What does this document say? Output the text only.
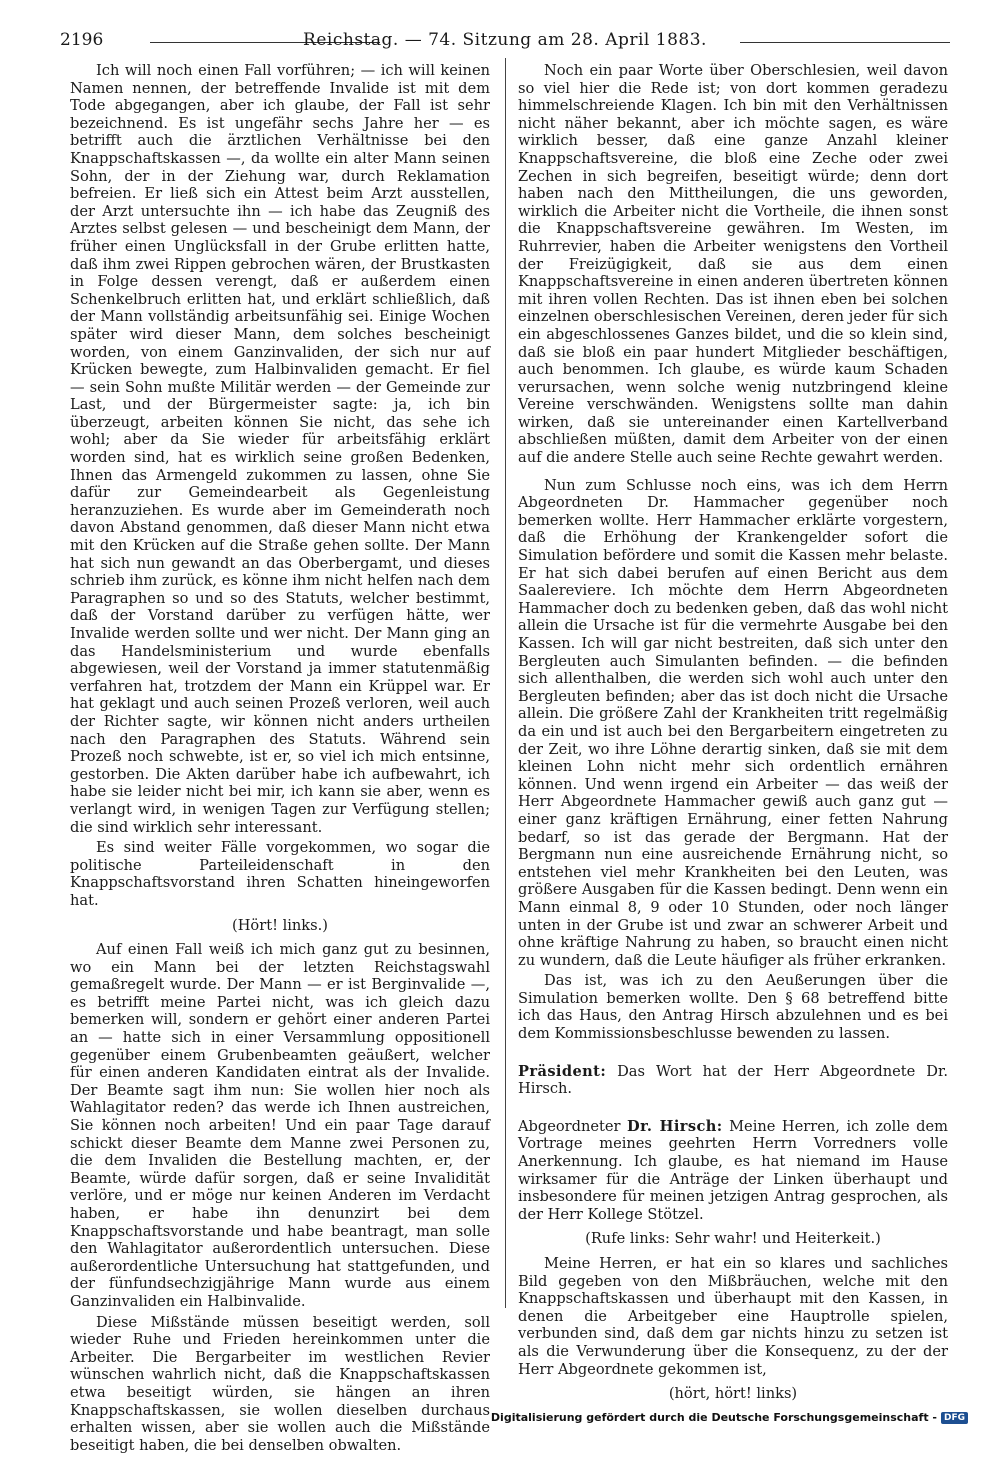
2196	Reichstag. — 74. Sitzung am 28. April 1883.

Ich will noch einen Fall vorführen; — ich will keinen Namen nennen, der betreffende Invalide ist mit dem Tode abgegangen, aber ich glaube, der Fall ist sehr bezeichnend. Es ist ungefähr sechs Jahre her — es betrifft auch die ärztlichen Verhältnisse bei den Knappschaftskassen —, da wollte ein alter Mann seinen Sohn, der in der Ziehung war, durch Reklamation befreien. Er ließ sich ein Attest beim Arzt ausstellen, der Arzt untersuchte ihn — ich habe das Zeugniß des Arztes selbst gelesen — und bescheinigt dem Mann, der früher einen Unglücksfall in der Grube erlitten hatte, daß ihm zwei Rippen gebrochen wären, der Brustkasten in Folge dessen verengt, daß er außerdem einen Schenkelbruch erlitten hat, und erklärt schließlich, daß der Mann vollständig arbeitsunfähig sei. Einige Wochen später wird dieser Mann, dem solches bescheinigt worden, von einem Ganzinvaliden, der sich nur auf Krücken bewegte, zum Halbinvaliden gemacht. Er fiel — sein Sohn mußte Militär werden — der Gemeinde zur Last, und der Bürgermeister sagte: ja, ich bin überzeugt, arbeiten können Sie nicht, das sehe ich wohl; aber da Sie wieder für arbeitsfähig erklärt worden sind, hat es wirklich seine großen Bedenken, Ihnen das Armengeld zukommen zu lassen, ohne Sie dafür zur Gemeindearbeit als Gegenleistung heranzuziehen. Es wurde aber im Gemeinderath noch davon Abstand genommen, daß dieser Mann nicht etwa mit den Krücken auf die Straße gehen sollte. Der Mann hat sich nun gewandt an das Oberbergamt, und dieses schrieb ihm zurück, es könne ihm nicht helfen nach dem Paragraphen so und so des Statuts, welcher bestimmt, daß der Vorstand darüber zu verfügen hätte, wer Invalide werden sollte und wer nicht. Der Mann ging an das Handelsministerium und wurde ebenfalls abgewiesen, weil der Vorstand ja immer statutenmäßig verfahren hat, trotzdem der Mann ein Krüppel war. Er hat geklagt und auch seinen Prozeß verloren, weil auch der Richter sagte, wir können nicht anders urtheilen nach den Paragraphen des Statuts. Während sein Prozeß noch schwebte, ist er, so viel ich mich entsinne, gestorben. Die Akten darüber habe ich aufbewahrt, ich habe sie leider nicht bei mir, ich kann sie aber, wenn es verlangt wird, in wenigen Tagen zur Verfügung stellen; die sind wirklich sehr interessant.

Es sind weiter Fälle vorgekommen, wo sogar die politische Parteileidenschaft in den Knappschaftsvorstand ihren Schatten hineingeworfen hat.

(Hört! links.)

Auf einen Fall weiß ich mich ganz gut zu besinnen, wo ein Mann bei der letzten Reichstagswahl gemaßregelt wurde. Der Mann — er ist Berginvalide —, es betrifft meine Partei nicht, was ich gleich dazu bemerken will, sondern er gehört einer anderen Partei an — hatte sich in einer Versammlung oppositionell gegenüber einem Grubenbeamten geäußert, welcher für einen anderen Kandidaten eintrat als der Invalide. Der Beamte sagt ihm nun: Sie wollen hier noch als Wahlagitator reden? das werde ich Ihnen austreichen, Sie können noch arbeiten! Und ein paar Tage darauf schickt dieser Beamte dem Manne zwei Personen zu, die dem Invaliden die Bestellung machten, er, der Beamte, würde dafür sorgen, daß er seine Invalidität verlöre, und er möge nur keinen Anderen im Verdacht haben, er habe ihn denunzirt bei dem Knappschaftsvorstande und habe beantragt, man solle den Wahlagitator außerordentlich untersuchen. Diese außerordentliche Untersuchung hat stattgefunden, und der fünfundsechzigjährige Mann wurde aus einem Ganzinvaliden ein Halbinvalide.

Diese Mißstände müssen beseitigt werden, soll wieder Ruhe und Frieden hereinkommen unter die Arbeiter. Die Bergarbeiter im westlichen Revier wünschen wahrlich nicht, daß die Knappschaftskassen etwa beseitigt würden, sie hängen an ihren Knappschaftskassen, sie wollen dieselben durchaus erhalten wissen, aber sie wollen auch die Mißstände beseitigt haben, die bei denselben obwalten.

Noch ein paar Worte über Oberschlesien, weil davon so viel hier die Rede ist; von dort kommen geradezu himmelschreiende Klagen. Ich bin mit den Verhältnissen nicht näher bekannt, aber ich möchte sagen, es wäre wirklich besser, daß eine ganze Anzahl kleiner Knappschaftsvereine, die bloß eine Zeche oder zwei Zechen in sich begreifen, beseitigt würde; denn dort haben nach den Mittheilungen, die uns geworden, wirklich die Arbeiter nicht die Vortheile, die ihnen sonst die Knappschaftsvereine gewähren. Im Westen, im Ruhrrevier, haben die Arbeiter wenigstens den Vortheil der Freizügigkeit, daß sie aus dem einen Knappschaftsvereine in einen anderen übertreten können mit ihren vollen Rechten. Das ist ihnen eben bei solchen einzelnen oberschlesischen Vereinen, deren jeder für sich ein abgeschlossenes Ganzes bildet, und die so klein sind, daß sie bloß ein paar hundert Mitglieder beschäftigen, auch benommen. Ich glaube, es würde kaum Schaden verursachen, wenn solche wenig nutzbringend kleine Vereine verschwänden. Wenigstens sollte man dahin wirken, daß sie untereinander einen Kartellverband abschließen müßten, damit dem Arbeiter von der einen auf die andere Stelle auch seine Rechte gewahrt werden.

Nun zum Schlusse noch eins, was ich dem Herrn Abgeordneten Dr. Hammacher gegenüber noch bemerken wollte. Herr Hammacher erklärte vorgestern, daß die Erhöhung der Krankengelder sofort die Simulation befördere und somit die Kassen mehr belaste. Er hat sich dabei berufen auf einen Bericht aus dem Saalereviere. Ich möchte dem Herrn Abgeordneten Hammacher doch zu bedenken geben, daß das wohl nicht allein die Ursache ist für die vermehrte Ausgabe bei den Kassen. Ich will gar nicht bestreiten, daß sich unter den Bergleuten auch Simulanten befinden. — die befinden sich allenthalben, die werden sich wohl auch unter den Bergleuten befinden; aber das ist doch nicht die Ursache allein. Die größere Zahl der Krankheiten tritt regelmäßig da ein und ist auch bei den Bergarbeitern eingetreten zu der Zeit, wo ihre Löhne derartig sinken, daß sie mit dem kleinen Lohn nicht mehr sich ordentlich ernähren können. Und wenn irgend ein Arbeiter — das weiß der Herr Abgeordnete Hammacher gewiß auch ganz gut — einer ganz kräftigen Ernährung, einer fetten Nahrung bedarf, so ist das gerade der Bergmann. Hat der Bergmann nun eine ausreichende Ernährung nicht, so entstehen viel mehr Krankheiten bei den Leuten, was größere Ausgaben für die Kassen bedingt. Denn wenn ein Mann einmal 8, 9 oder 10 Stunden, oder noch länger unten in der Grube ist und zwar an schwerer Arbeit und ohne kräftige Nahrung zu haben, so braucht einen nicht zu wundern, daß die Leute häufiger als früher erkranken.

Das ist, was ich zu den Aeußerungen über die Simulation bemerken wollte. Den § 68 betreffend bitte ich das Haus, den Antrag Hirsch abzulehnen und es bei dem Kommissionsbeschlusse bewenden zu lassen.

Präsident: Das Wort hat der Herr Abgeordnete Dr. Hirsch.

Abgeordneter Dr. Hirsch: Meine Herren, ich zolle dem Vortrage meines geehrten Herrn Vorredners volle Anerkennung. Ich glaube, es hat niemand im Hause wirksamer für die Anträge der Linken überhaupt und insbesondere für meinen jetzigen Antrag gesprochen, als der Herr Kollege Stötzel.

(Rufe links: Sehr wahr! und Heiterkeit.)

Meine Herren, er hat ein so klares und sachliches Bild gegeben von den Mißbräuchen, welche mit den Knappschaftskassen und überhaupt mit den Kassen, in denen die Arbeitgeber eine Hauptrolle spielen, verbunden sind, daß dem gar nichts hinzu zu setzen ist als die Verwunderung über die Konsequenz, zu der der Herr Abgeordnete gekommen ist,

(hört, hört! links)

Digitalisierung gefördert durch die Deutsche Forschungsgemeinschaft - DFG
